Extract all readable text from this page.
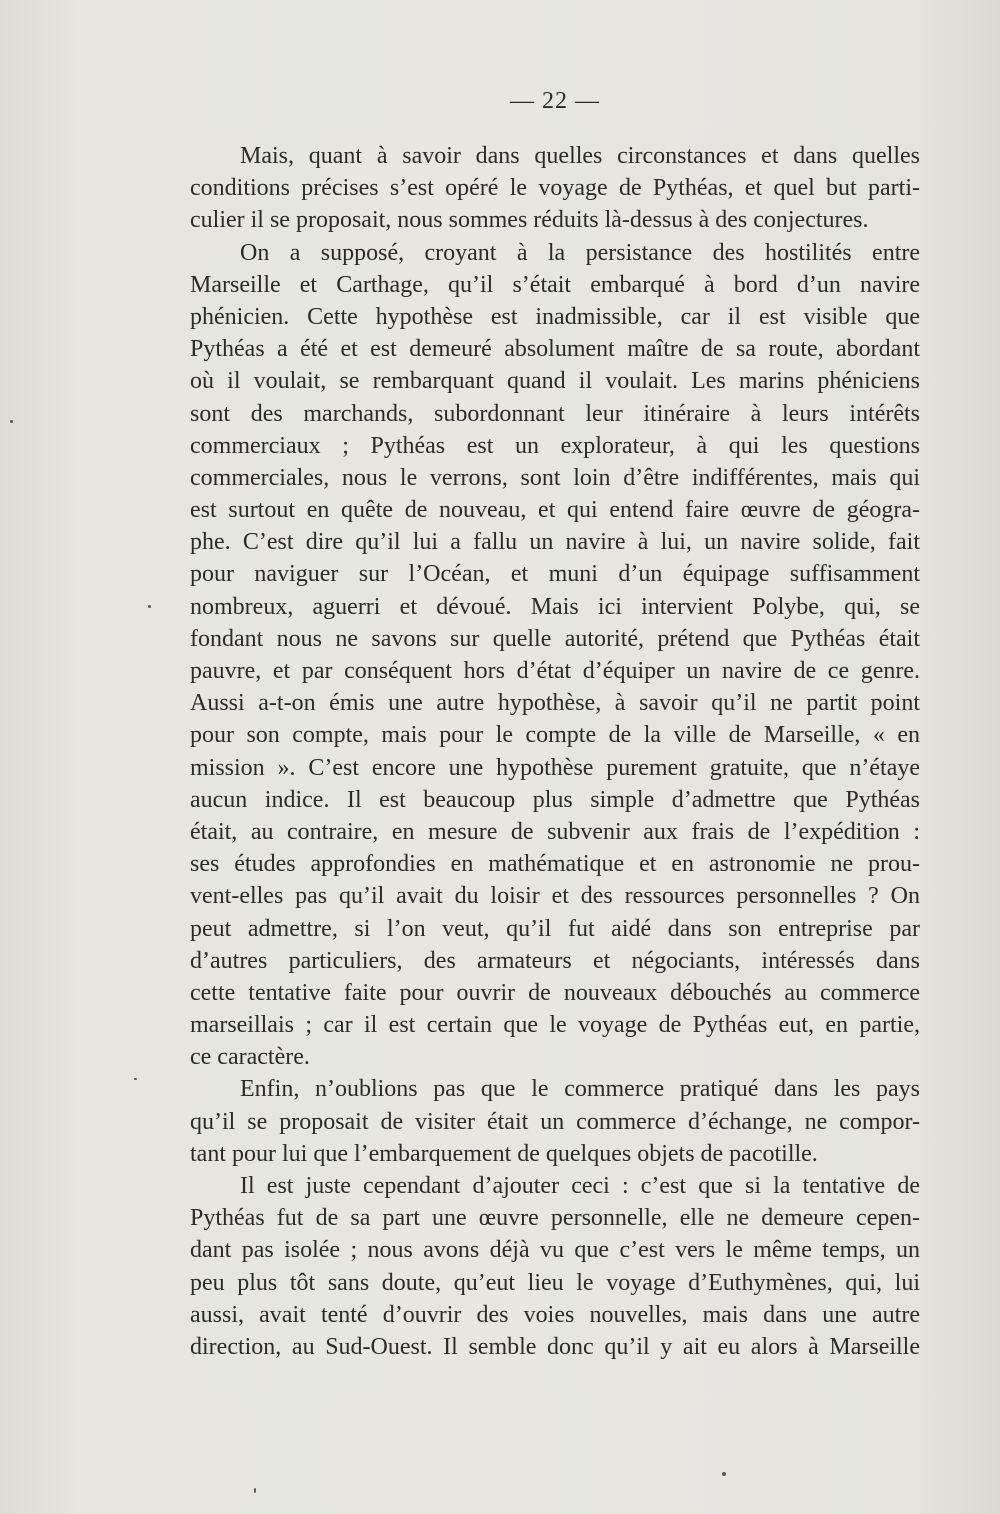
— 22 —
Mais, quant à savoir dans quelles circonstances et dans quelles
conditions précises s’est opéré le voyage de Pythéas, et quel but parti-
culier il se proposait, nous sommes réduits là-dessus à des conjectures.
On a supposé, croyant à la persistance des hostilités entre
Marseille et Carthage, qu’il s’était embarqué à bord d’un navire
phénicien. Cette hypothèse est inadmissible, car il est visible que
Pythéas a été et est demeuré absolument maître de sa route, abordant
où il voulait, se rembarquant quand il voulait. Les marins phéniciens
sont des marchands, subordonnant leur itinéraire à leurs intérêts
commerciaux ; Pythéas est un explorateur, à qui les questions
commerciales, nous le verrons, sont loin d’être indifférentes, mais qui
est surtout en quête de nouveau, et qui entend faire œuvre de géogra-
phe. C’est dire qu’il lui a fallu un navire à lui, un navire solide, fait
pour naviguer sur l’Océan, et muni d’un équipage suffisamment
nombreux, aguerri et dévoué. Mais ici intervient Polybe, qui, se
fondant nous ne savons sur quelle autorité, prétend que Pythéas était
pauvre, et par conséquent hors d’état d’équiper un navire de ce genre.
Aussi a-t-on émis une autre hypothèse, à savoir qu’il ne partit point
pour son compte, mais pour le compte de la ville de Marseille, « en
mission ». C’est encore une hypothèse purement gratuite, que n’étaye
aucun indice. Il est beaucoup plus simple d’admettre que Pythéas
était, au contraire, en mesure de subvenir aux frais de l’expédition :
ses études approfondies en mathématique et en astronomie ne prou-
vent-elles pas qu’il avait du loisir et des ressources personnelles ? On
peut admettre, si l’on veut, qu’il fut aidé dans son entreprise par
d’autres particuliers, des armateurs et négociants, intéressés dans
cette tentative faite pour ouvrir de nouveaux débouchés au commerce
marseillais ; car il est certain que le voyage de Pythéas eut, en partie,
ce caractère.
Enfin, n’oublions pas que le commerce pratiqué dans les pays
qu’il se proposait de visiter était un commerce d’échange, ne compor-
tant pour lui que l’embarquement de quelques objets de pacotille.
Il est juste cependant d’ajouter ceci : c’est que si la tentative de
Pythéas fut de sa part une œuvre personnelle, elle ne demeure cepen-
dant pas isolée ; nous avons déjà vu que c’est vers le même temps, un
peu plus tôt sans doute, qu’eut lieu le voyage d’Euthymènes, qui, lui
aussi, avait tenté d’ouvrir des voies nouvelles, mais dans une autre
direction, au Sud-Ouest. Il semble donc qu’il y ait eu alors à Marseille
